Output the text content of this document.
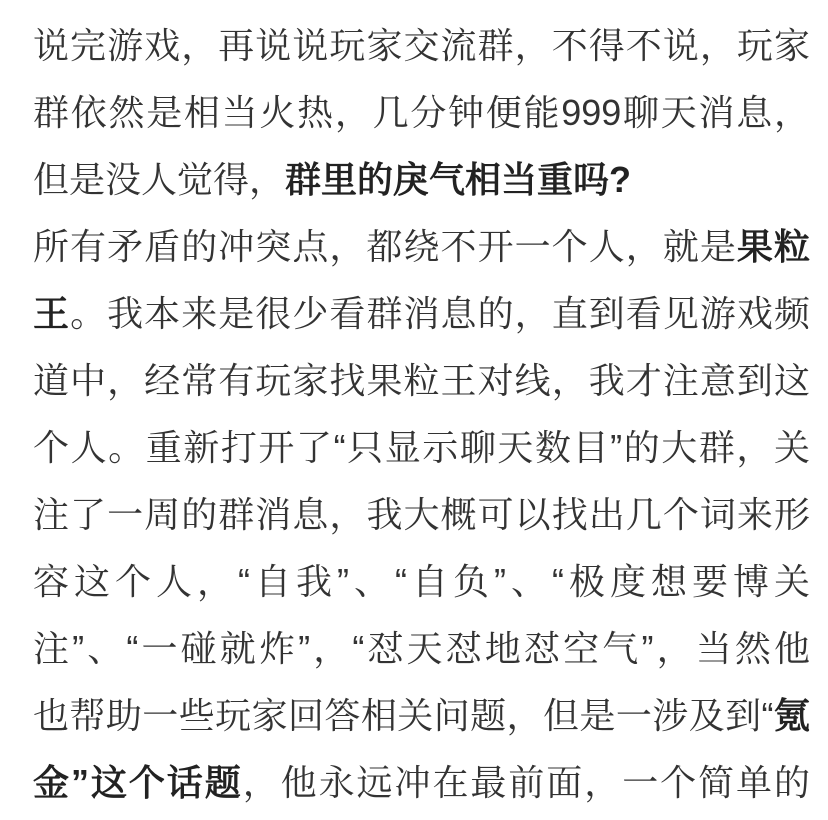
说完游戏，再说说玩家交流群，不得不说，玩家
群依然是相当火热，几分钟便能999聊天消息，
但是没人觉得，群里的戾气相当重吗?
所有矛盾的冲突点，都绕不开一个人，就是果粒
王。我本来是很少看群消息的，直到看见游戏频
道中，经常有玩家找果粒王对线，我才注意到这
个人。重新打开了“只显示聊天数目”的大群，关
注了一周的群消息，我大概可以找出几个词来形
容这个人，“自我”、“自负”、“极度想要博关
注”、“一碰就炸”，“怼天怼地怼空气”，当然他
也帮助一些玩家回答相关问题，但是一涉及到“氪
金”这个话题，他永远冲在最前面，一个简单的
